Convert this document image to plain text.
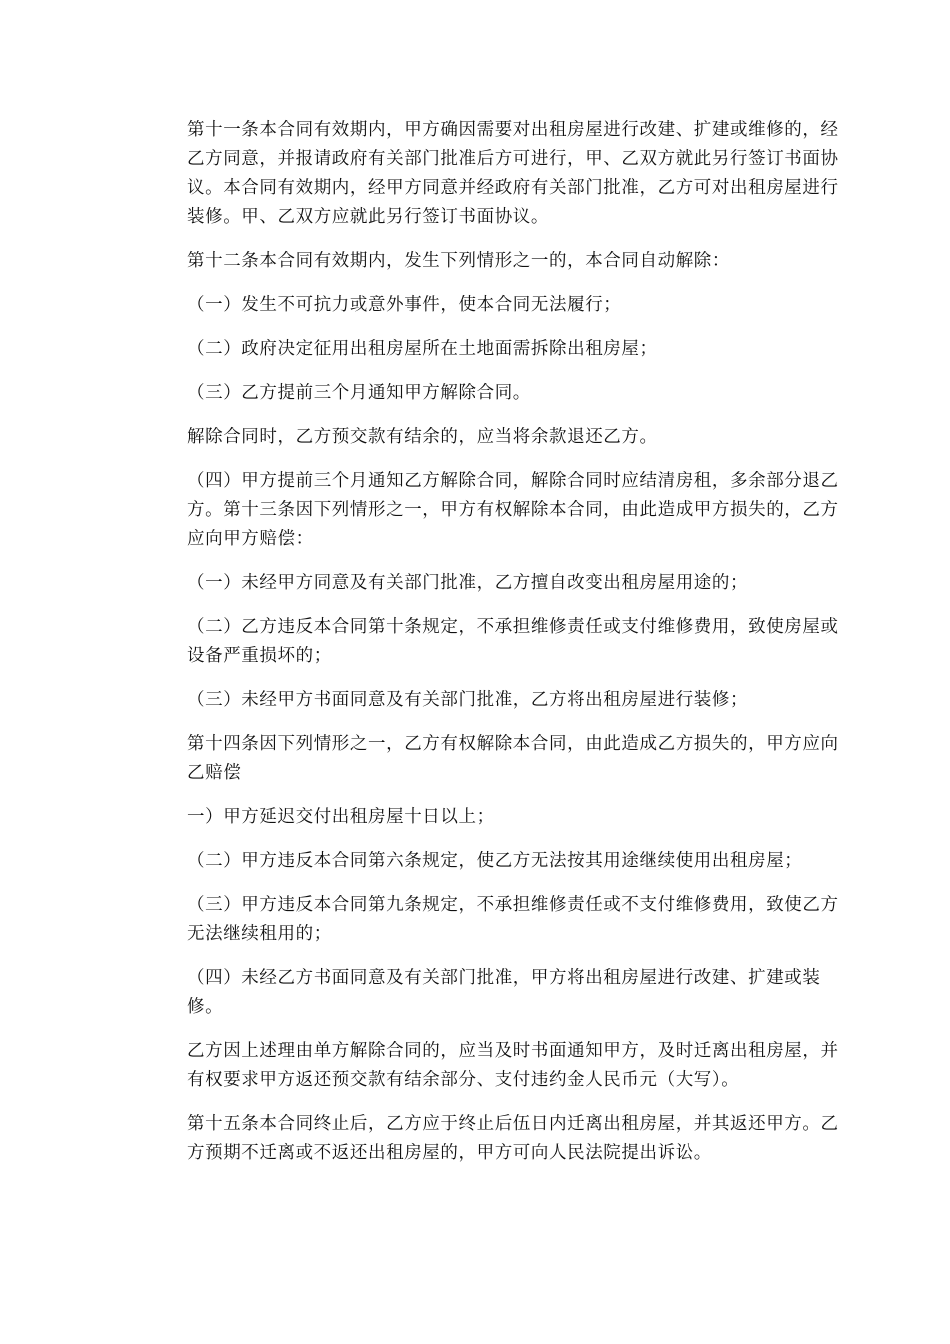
第十一条本合同有效期内，甲方确因需要对出租房屋进行改建、扩建或维修的，经乙方同意，并报请政府有关部门批准后方可进行，甲、乙双方就此另行签订书面协议。本合同有效期内，经甲方同意并经政府有关部门批准，乙方可对出租房屋进行装修。甲、乙双方应就此另行签订书面协议。

第十二条本合同有效期内，发生下列情形之一的，本合同自动解除：

（一）发生不可抗力或意外事件，使本合同无法履行；

（二）政府决定征用出租房屋所在土地面需拆除出租房屋；

（三）乙方提前三个月通知甲方解除合同。

解除合同时，乙方预交款有结余的，应当将余款退还乙方。

（四）甲方提前三个月通知乙方解除合同，解除合同时应结清房租，多余部分退乙方。第十三条因下列情形之一，甲方有权解除本合同，由此造成甲方损失的，乙方应向甲方赔偿：

（一）未经甲方同意及有关部门批准，乙方擅自改变出租房屋用途的；

（二）乙方违反本合同第十条规定，不承担维修责任或支付维修费用，致使房屋或设备严重损坏的；

（三）未经甲方书面同意及有关部门批准，乙方将出租房屋进行装修；

第十四条因下列情形之一，乙方有权解除本合同，由此造成乙方损失的，甲方应向乙赔偿

一）甲方延迟交付出租房屋十日以上；

（二）甲方违反本合同第六条规定，使乙方无法按其用途继续使用出租房屋；

（三）甲方违反本合同第九条规定，不承担维修责任或不支付维修费用，致使乙方无法继续租用的；

（四）未经乙方书面同意及有关部门批准，甲方将出租房屋进行改建、扩建或装修。

乙方因上述理由单方解除合同的，应当及时书面通知甲方，及时迁离出租房屋，并有权要求甲方返还预交款有结余部分、支付违约金人民币元（大写）。

第十五条本合同终止后，乙方应于终止后伍日内迁离出租房屋，并其返还甲方。乙方预期不迁离或不返还出租房屋的，甲方可向人民法院提出诉讼。
